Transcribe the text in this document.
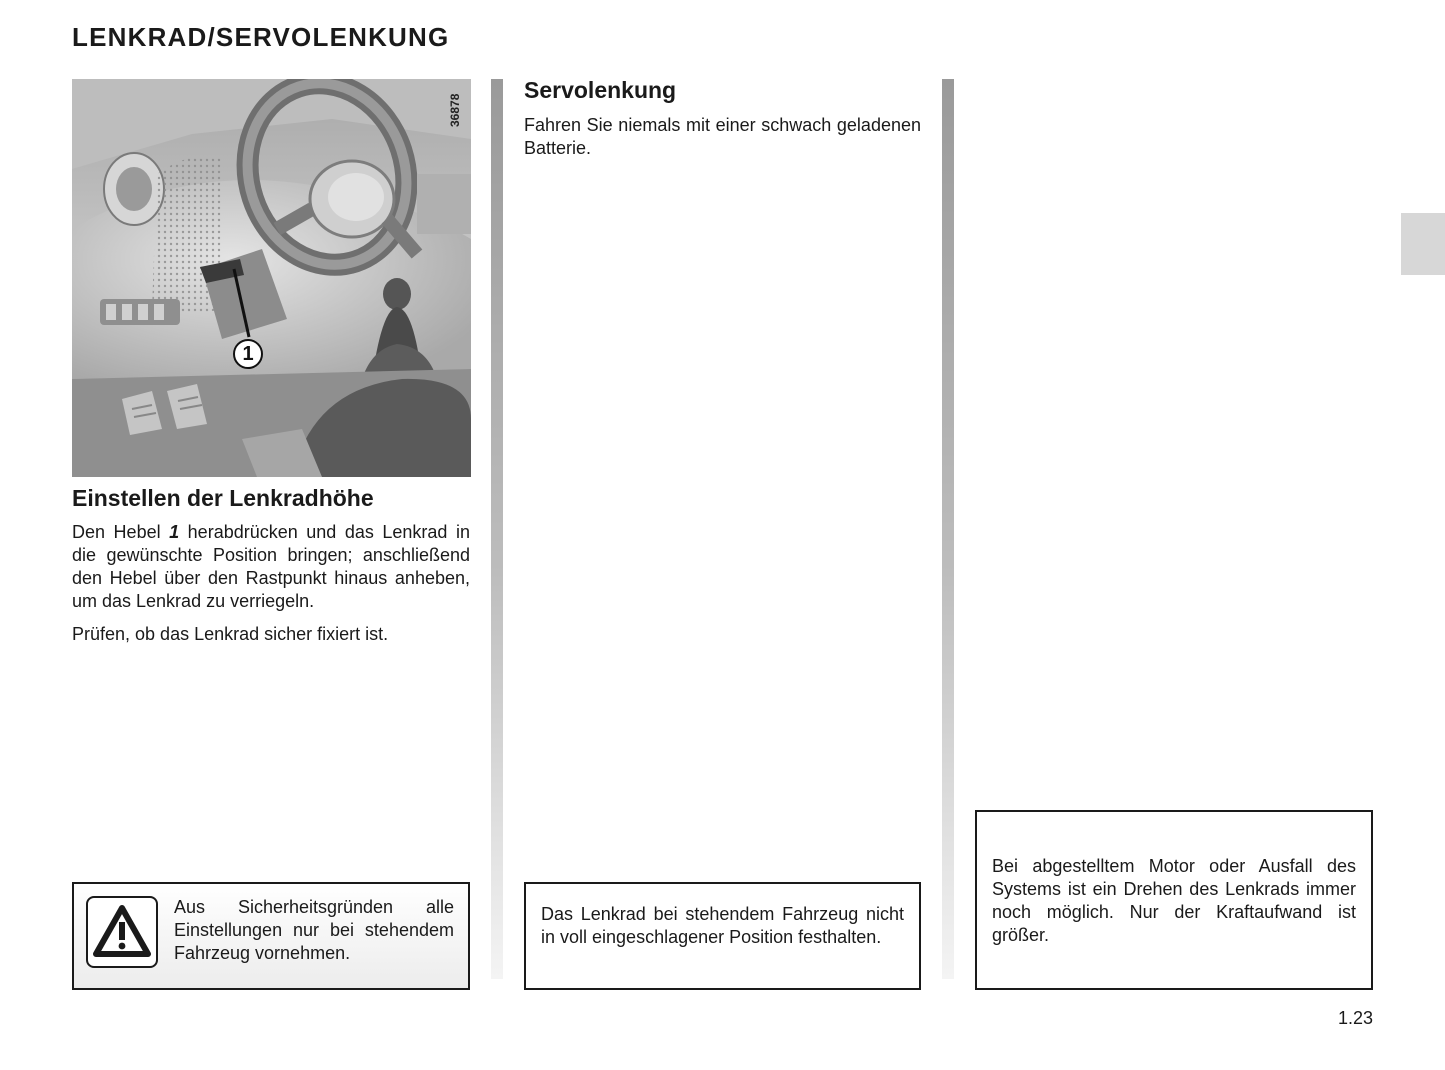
LENKRAD/SERVOLENKUNG
36878
1
Einstellen der Lenkradhöhe

Den Hebel 1 herabdrücken und das Lenkrad in die gewünschte Position bringen; anschließend den Hebel über den Rastpunkt hinaus anheben, um das Lenkrad zu verriegeln.

Prüfen, ob das Lenkrad sicher fixiert ist.

Aus Sicherheitsgründen alle Einstellungen nur bei stehendem Fahrzeug vornehmen.
Servolenkung

Fahren Sie niemals mit einer schwach geladenen Batterie.

Das Lenkrad bei stehendem Fahrzeug nicht in voll eingeschlagener Position festhalten.
Bei abgestelltem Motor oder Ausfall des Systems ist ein Drehen des Lenkrads immer noch möglich. Nur der Kraftaufwand ist größer.
1.23
